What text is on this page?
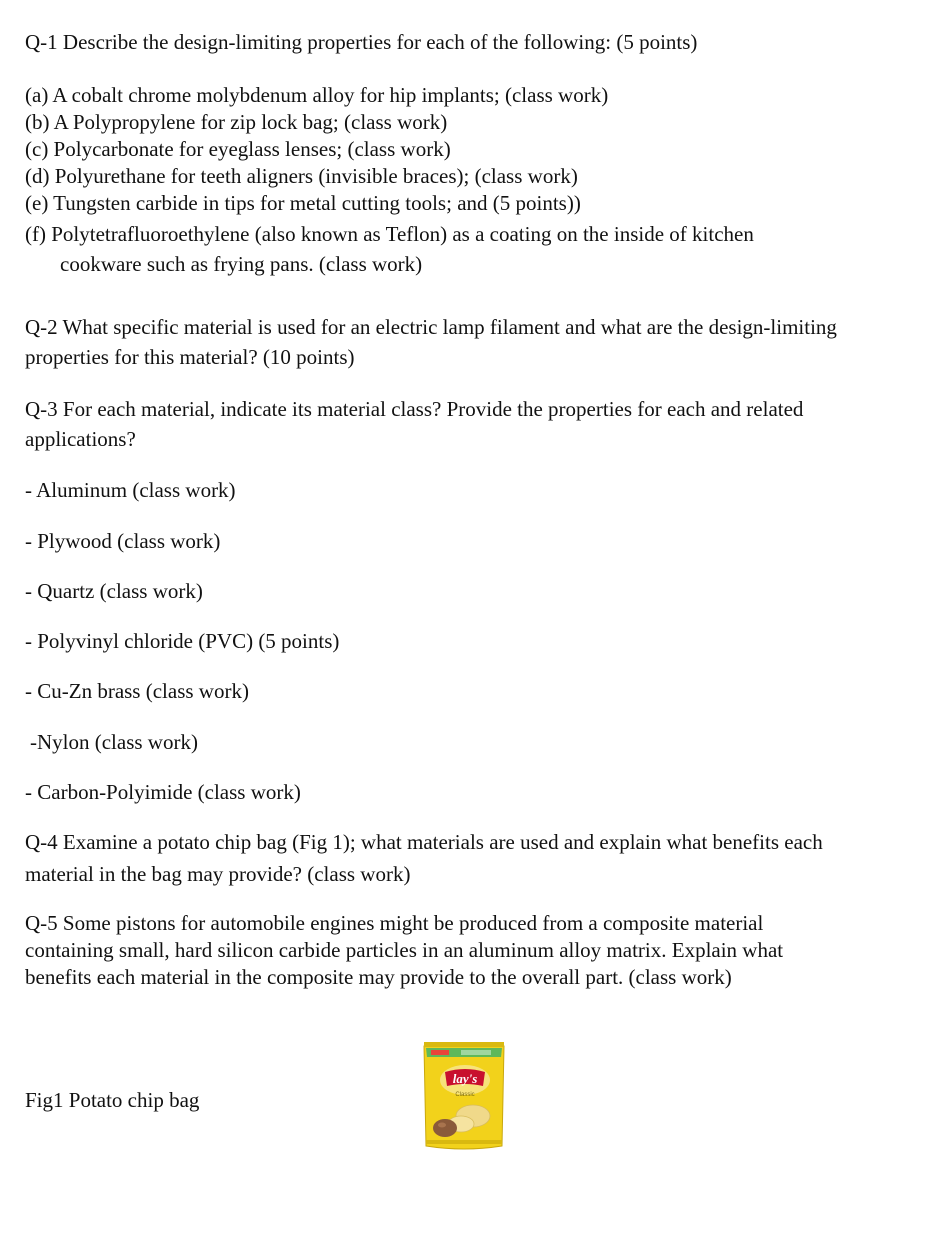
Q-1 Describe the design-limiting properties for each of the following: (5 points)
(a) A cobalt chrome molybdenum alloy for hip implants; (class work)
(b) A Polypropylene for zip lock bag; (class work)
(c) Polycarbonate for eyeglass lenses; (class work)
(d) Polyurethane for teeth aligners (invisible braces); (class work)
(e) Tungsten carbide in tips for metal cutting tools; and (5 points))
(f) Polytetrafluoroethylene (also known as Teflon) as a coating on the inside of kitchen
cookware such as frying pans. (class work)
Q-2 What specific material is used for an electric lamp filament and what are the design-limiting
properties for this material? (10 points)
Q-3 For each material, indicate its material class? Provide the properties for each and related
applications?
- Aluminum (class work)
- Plywood (class work)
- Quartz (class work)
- Polyvinyl chloride (PVC) (5 points)
- Cu-Zn brass (class work)
-Nylon (class work)
- Carbon-Polyimide (class work)
Q-4 Examine a potato chip bag (Fig 1); what materials are used and explain what benefits each
material in the bag may provide? (class work)
Q-5 Some pistons for automobile engines might be produced from a composite material
containing small, hard silicon carbide particles in an aluminum alloy matrix. Explain what
benefits each material in the composite may provide to the overall part. (class work)
Fig1 Potato chip bag
lay's
Classic
